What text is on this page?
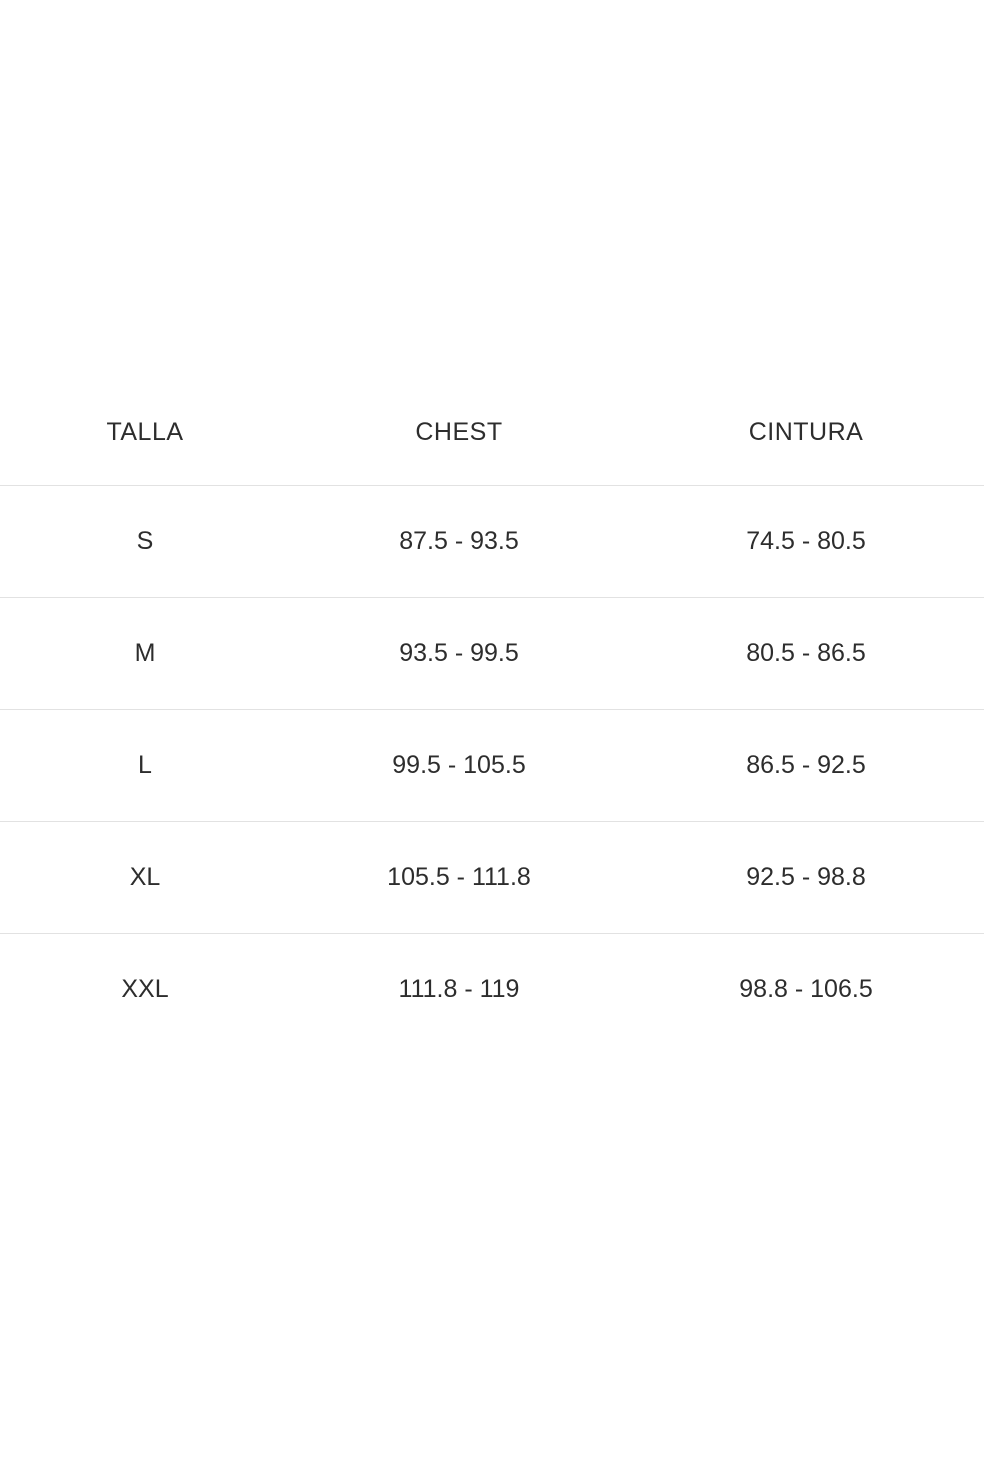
TALLA	CHEST	CINTURA
S	87.5 - 93.5	74.5 - 80.5
M	93.5 - 99.5	80.5 - 86.5
L	99.5 - 105.5	86.5 - 92.5
XL	105.5 - 111.8	92.5 - 98.8
XXL	111.8 - 119	98.8 - 106.5
